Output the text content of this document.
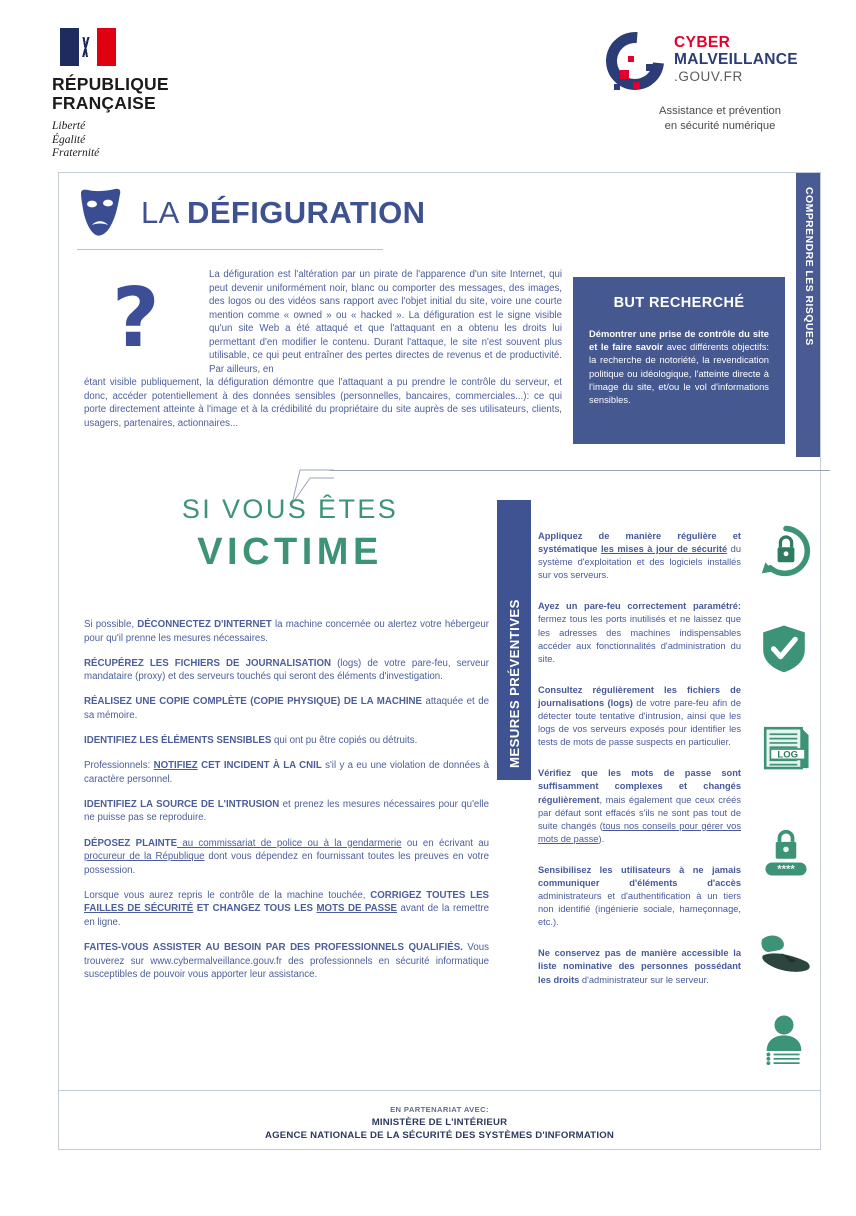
RÉPUBLIQUE
FRANÇAISE
Liberté
Égalité
Fraternité
CYBER
MALVEILLANCE
.GOUV.FR
Assistance et prévention
en sécurité numérique
COMPRENDRE LES RISQUES
LA DÉFIGURATION
?	La défiguration est l'altération par un pirate de l'apparence d'un site Internet, qui peut devenir uniformément noir, blanc ou comporter des messages, des images, des logos ou des vidéos sans rapport avec l'objet initial du site, voire une courte mention comme « owned » ou « hacked ». La défiguration est le signe visible qu'un site Web a été attaqué et que l'attaquant en a obtenu les droits lui permettant d'en modifier le contenu. Durant l'attaque, le site n'est souvent plus utilisable, ce qui peut entraîner des pertes directes de revenus et de productivité. Par ailleurs, en
étant visible publiquement, la défiguration démontre que l'attaquant a pu prendre le contrôle du serveur, et donc, accéder potentiellement à des données sensibles (personnelles, bancaires, commerciales...): ce qui porte directement atteinte à l'image et à la crédibilité du propriétaire du site auprès de ses utilisateurs, clients, usagers, partenaires, actionnaires...
BUT RECHERCHÉ

Démontrer une prise de contrôle du site et le faire savoir avec différents objectifs: la recherche de notoriété, la revendication politique ou idéologique, l'atteinte directe à l'image du site, et/ou le vol d'informations sensibles.

SI VOUS ÊTES
VICTIME

Si possible, DÉCONNECTEZ D'INTERNET la machine concernée ou alertez votre hébergeur pour qu'il prenne les mesures nécessaires.

RÉCUPÉREZ LES FICHIERS DE JOURNALISATION (logs) de votre pare-feu, serveur mandataire (proxy) et des serveurs touchés qui seront des éléments d'investigation.

RÉALISEZ UNE COPIE COMPLÈTE (COPIE PHYSIQUE) DE LA MACHINE attaquée et de sa mémoire.

IDENTIFIEZ LES ÉLÉMENTS SENSIBLES qui ont pu être copiés ou détruits.

Professionnels: NOTIFIEZ CET INCIDENT À LA CNIL s'il y a eu une violation de données à caractère personnel.

IDENTIFIEZ LA SOURCE DE L'INTRUSION et prenez les mesures nécessaires pour qu'elle ne puisse pas se reproduire.

DÉPOSEZ PLAINTE au commissariat de police ou à la gendarmerie ou en écrivant au procureur de la République dont vous dépendez en fournissant toutes les preuves en votre possession.

Lorsque vous aurez repris le contrôle de la machine touchée, CORRIGEZ TOUTES LES FAILLES DE SÉCURITÉ ET CHANGEZ TOUS LES MOTS DE PASSE avant de la remettre en ligne.

FAITES-VOUS ASSISTER AU BESOIN PAR DES PROFESSIONNELS QUALIFIÉS. Vous trouverez sur www.cybermalveillance.gouv.fr des professionnels en sécurité informatique susceptibles de pouvoir vous apporter leur assistance.

MESURES PRÉVENTIVES

Appliquez de manière régulière et systématique les mises à jour de sécurité du système d'exploitation et des logiciels installés sur vos serveurs.

Ayez un pare-feu correctement paramétré: fermez tous les ports inutilisés et ne laissez que les adresses des machines indispensables accéder aux fonctionnalités d'administration du site.

Consultez régulièrement les fichiers de journalisations (logs) de votre pare-feu afin de détecter toute tentative d'intrusion, ainsi que les logs de vos serveurs exposés pour identifier les tests de mots de passe suspects en particulier.

Vérifiez que les mots de passe sont suffisamment complexes et changés régulièrement, mais également que ceux créés par défaut sont effacés s'ils ne sont pas tout de suite changés (tous nos conseils pour gérer vos mots de passe).

Sensibilisez les utilisateurs à ne jamais communiquer d'éléments d'accès administrateurs et d'authentification à un tiers non identifié (ingénierie sociale, hameçonnage, etc.).

Ne conservez pas de manière accessible la liste nominative des personnes possédant les droits d'administrateur sur le serveur.

LOG
****
EN PARTENARIAT AVEC:
MINISTÈRE DE L'INTÉRIEUR
AGENCE NATIONALE DE LA SÉCURITÉ DES SYSTÈMES D'INFORMATION
